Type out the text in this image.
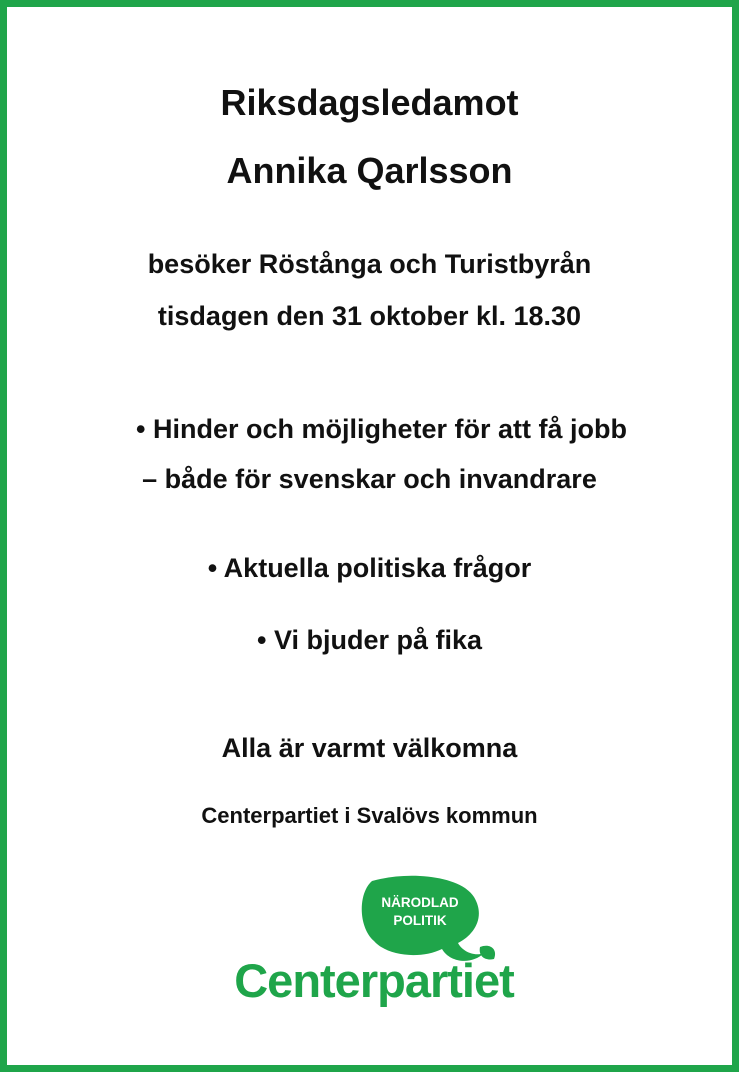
Riksdagsledamot
Annika Qarlsson
besöker Röstånga och Turistbyrån
tisdagen den 31 oktober kl. 18.30
• Hinder och möjligheter för att få jobb
– både för svenskar och invandrare
• Aktuella politiska frågor
• Vi bjuder på fika
Alla är varmt välkomna
Centerpartiet i Svalövs kommun
NÄRODLAD
POLITIK
Centerpartiet
